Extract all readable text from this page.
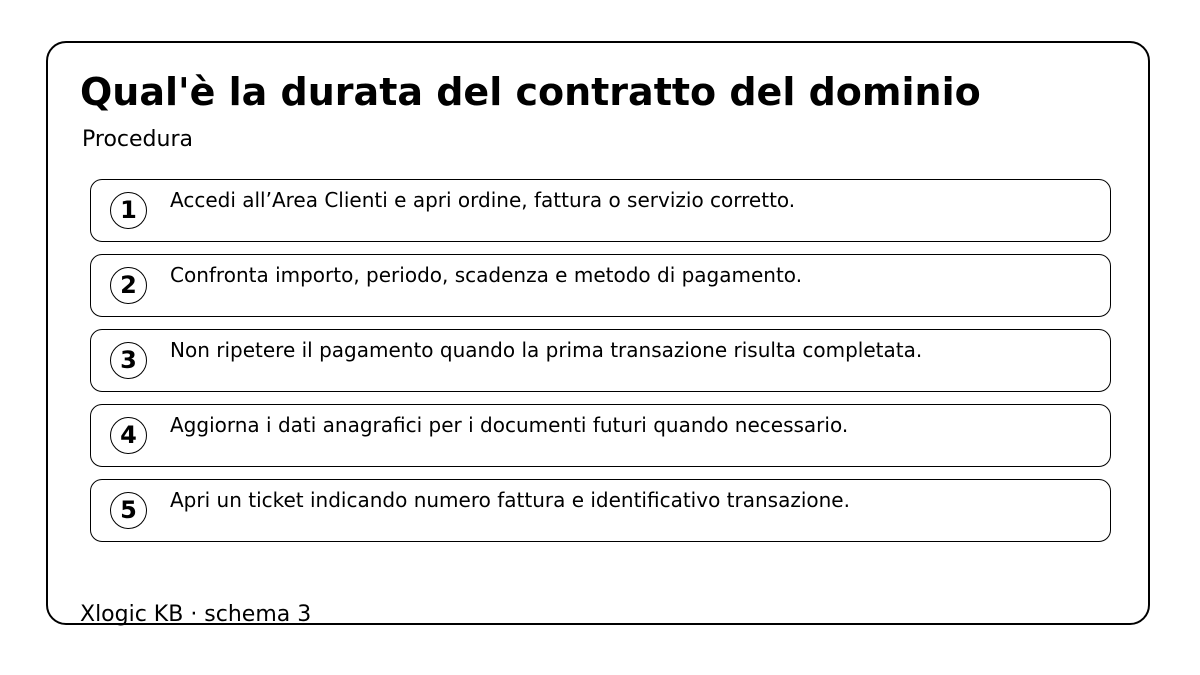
Qual'è la durata del contratto del dominio
Procedura
1	Accedi all’Area Clienti e apri ordine, fattura o servizio corretto.
2	Confronta importo, periodo, scadenza e metodo di pagamento.
3	Non ripetere il pagamento quando la prima transazione risulta completata.
4	Aggiorna i dati anagrafici per i documenti futuri quando necessario.
5	Apri un ticket indicando numero fattura e identificativo transazione.
Xlogic KB · schema 3
